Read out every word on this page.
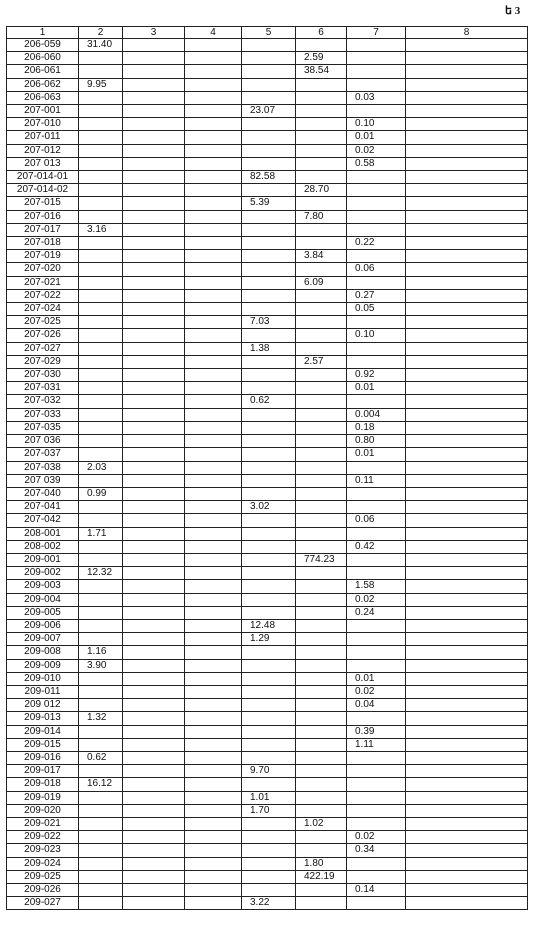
ե 3
1	2	3	4	5	6	7	8
206-059	31.40						
206-060					2.59		
206-061					38.54		
206-062	9.95						
206-063						0.03	
207-001				23.07			
207-010						0.10	
207-011						0.01	
207-012						0.02	
207 013						0.58	
207-014-01				82.58			
207-014-02					28.70		
207-015				5.39			
207-016					7.80		
207-017	3.16						
207-018						0.22	
207-019					3.84		
207-020						0.06	
207-021					6.09		
207-022						0.27	
207-024						0.05	
207-025				7.03			
207-026						0.10	
207-027				1.38			
207-029					2.57		
207-030						0.92	
207-031						0.01	
207-032				0.62			
207-033						0.004	
207-035						0.18	
207 036						0.80	
207-037						0.01	
207-038	2.03						
207 039						0.11	
207-040	0.99						
207-041				3.02			
207-042						0.06	
208-001	1.71						
208-002						0.42	
209-001					774.23		
209-002	12.32						
209-003						1.58	
209-004						0.02	
209-005						0.24	
209-006				12.48			
209-007				1.29			
209-008	1.16						
209-009	3.90						
209-010						0.01	
209-011						0.02	
209 012						0.04	
209-013	1.32						
209-014						0.39	
209-015						1.11	
209-016	0.62						
209-017				9.70			
209-018	16.12						
209-019				1.01			
209-020				1.70			
209-021					1.02		
209-022						0.02	
209-023						0.34	
209-024					1.80		
209-025					422.19		
209-026						0.14	
209-027				3.22			
